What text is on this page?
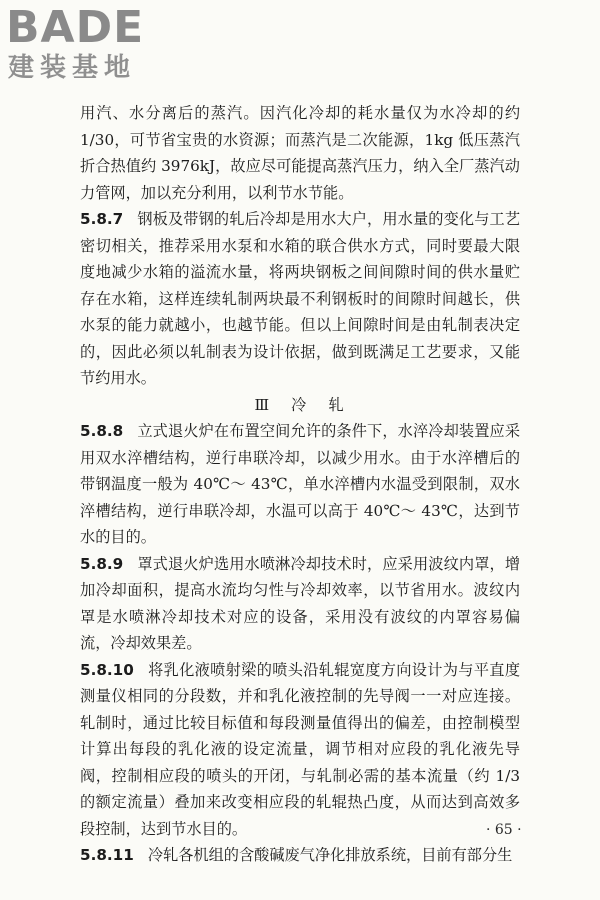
BADE
建装基地

用汽、水分离后的蒸汽。因汽化冷却的耗水量仅为水冷却的约 1/30，可节省宝贵的水资源；而蒸汽是二次能源，1kg 低压蒸汽折合热值约 3976kJ，故应尽可能提高蒸汽压力，纳入全厂蒸汽动力管网，加以充分利用，以利节水节能。

5.8.7 钢板及带钢的轧后冷却是用水大户，用水量的变化与工艺密切相关，推荐采用水泵和水箱的联合供水方式，同时要最大限度地减少水箱的溢流水量，将两块钢板之间间隙时间的供水量贮存在水箱，这样连续轧制两块最不利钢板时的间隙时间越长，供水泵的能力就越小，也越节能。但以上间隙时间是由轧制表决定的，因此必须以轧制表为设计依据，做到既满足工艺要求，又能节约用水。

Ⅲ 冷 轧

5.8.8 立式退火炉在布置空间允许的条件下，水淬冷却装置应采用双水淬槽结构，逆行串联冷却，以减少用水。由于水淬槽后的带钢温度一般为 40℃～ 43℃，单水淬槽内水温受到限制，双水淬槽结构，逆行串联冷却，水温可以高于 40℃～ 43℃，达到节水的目的。

5.8.9 罩式退火炉选用水喷淋冷却技术时，应采用波纹内罩，增加冷却面积，提高水流均匀性与冷却效率，以节省用水。波纹内罩是水喷淋冷却技术对应的设备，采用没有波纹的内罩容易偏流，冷却效果差。

5.8.10 将乳化液喷射梁的喷头沿轧辊宽度方向设计为与平直度测量仪相同的分段数，并和乳化液控制的先导阀一一对应连接。轧制时，通过比较目标值和每段测量值得出的偏差，由控制模型计算出每段的乳化液的设定流量，调节相对应段的乳化液先导阀，控制相应段的喷头的开闭，与轧制必需的基本流量（约 1/3 的额定流量）叠加来改变相应段的轧辊热凸度，从而达到高效多段控制，达到节水目的。

5.8.11 冷轧各机组的含酸碱废气净化排放系统，目前有部分生

· 65 ·
